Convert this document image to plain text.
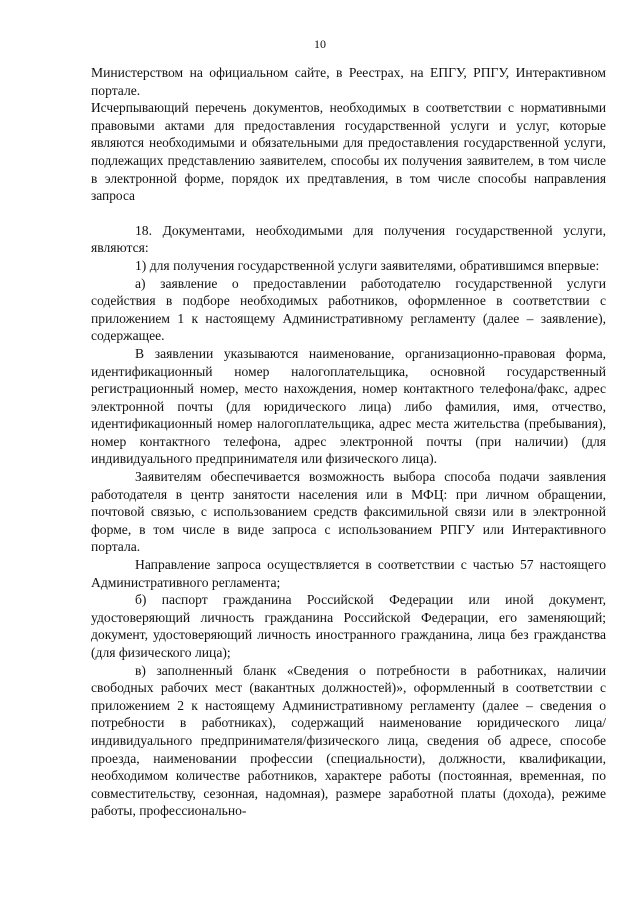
10

Министерством на официальном сайте, в Реестрах, на ЕПГУ, РПГУ, Интерактивном портале.

Исчерпывающий перечень документов, необходимых в соответствии с нормативными правовыми актами для предоставления государственной услуги и услуг, которые являются необходимыми и обязательными для предоставления государственной услуги, подлежащих представлению заявителем, способы их получения заявителем, в том числе в электронной форме, порядок их предтавления, в том числе способы направления запроса

18. Документами, необходимыми для получения государственной услуги, являются:

1) для получения государственной услуги заявителями, обратившимся впервые:

а) заявление о предоставлении работодателю государственной услуги содействия в подборе необходимых работников, оформленное в соответствии с приложением 1 к настоящему Административному регламенту (далее – заявление), содержащее.

В заявлении указываются наименование, организационно-правовая форма, идентификационный номер налогоплательщика, основной государственный регистрационный номер, место нахождения, номер контактного телефона/факс, адрес электронной почты (для юридического лица) либо фамилия, имя, отчество, идентификационный номер налогоплательщика, адрес места жительства (пребывания), номер контактного телефона, адрес электронной почты (при наличии) (для индивидуального предпринимателя или физического лица).

Заявителям обеспечивается возможность выбора способа подачи заявления работодателя в центр занятости населения или в МФЦ: при личном обращении, почтовой связью, с использованием средств факсимильной связи или в электронной форме, в том числе в виде запроса с использованием РПГУ или Интерактивного портала.

Направление запроса осуществляется в соответствии с частью 57 настоящего Административного регламента;

б) паспорт гражданина Российской Федерации или иной документ, удостоверяющий личность гражданина Российской Федерации, его заменяющий; документ, удостоверяющий личность иностранного гражданина, лица без гражданства (для физического лица);

в) заполненный бланк «Сведения о потребности в работниках, наличии свободных рабочих мест (вакантных должностей)», оформленный в соответствии с приложением 2 к настоящему Административному регламенту (далее – сведения о потребности в работниках), содержащий наименование юридического лица/индивидуального предпринимателя/физического лица, сведения об адресе, способе проезда, наименовании профессии (специальности), должности, квалификации, необходимом количестве работников, характере работы (постоянная, временная, по совместительству, сезонная, надомная), размере заработной платы (дохода), режиме работы, профессионально-
